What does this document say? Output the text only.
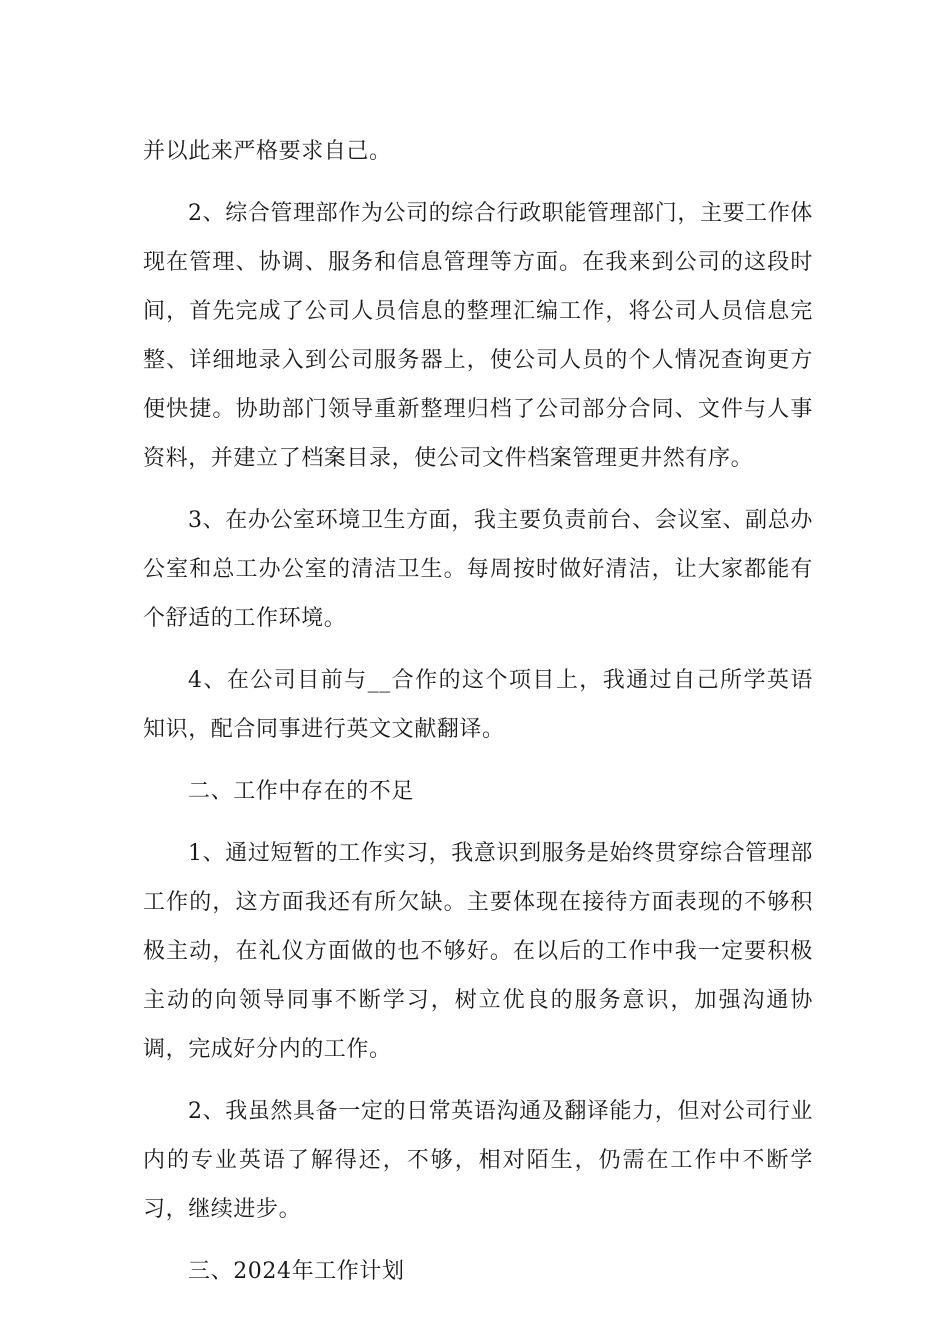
并以此来严格要求自己。

2、综合管理部作为公司的综合行政职能管理部门，主要工作体现在管理、协调、服务和信息管理等方面。在我来到公司的这段时间，首先完成了公司人员信息的整理汇编工作，将公司人员信息完整、详细地录入到公司服务器上，使公司人员的个人情况查询更方便快捷。协助部门领导重新整理归档了公司部分合同、文件与人事资料，并建立了档案目录，使公司文件档案管理更井然有序。

3、在办公室环境卫生方面，我主要负责前台、会议室、副总办公室和总工办公室的清洁卫生。每周按时做好清洁，让大家都能有个舒适的工作环境。

4、在公司目前与__合作的这个项目上，我通过自己所学英语知识，配合同事进行英文文献翻译。

二、工作中存在的不足

1、通过短暂的工作实习，我意识到服务是始终贯穿综合管理部工作的，这方面我还有所欠缺。主要体现在接待方面表现的不够积极主动，在礼仪方面做的也不够好。在以后的工作中我一定要积极主动的向领导同事不断学习，树立优良的服务意识，加强沟通协调，完成好分内的工作。

2、我虽然具备一定的日常英语沟通及翻译能力，但对公司行业内的专业英语了解得还，不够，相对陌生，仍需在工作中不断学习，继续进步。

三、2024年工作计划
